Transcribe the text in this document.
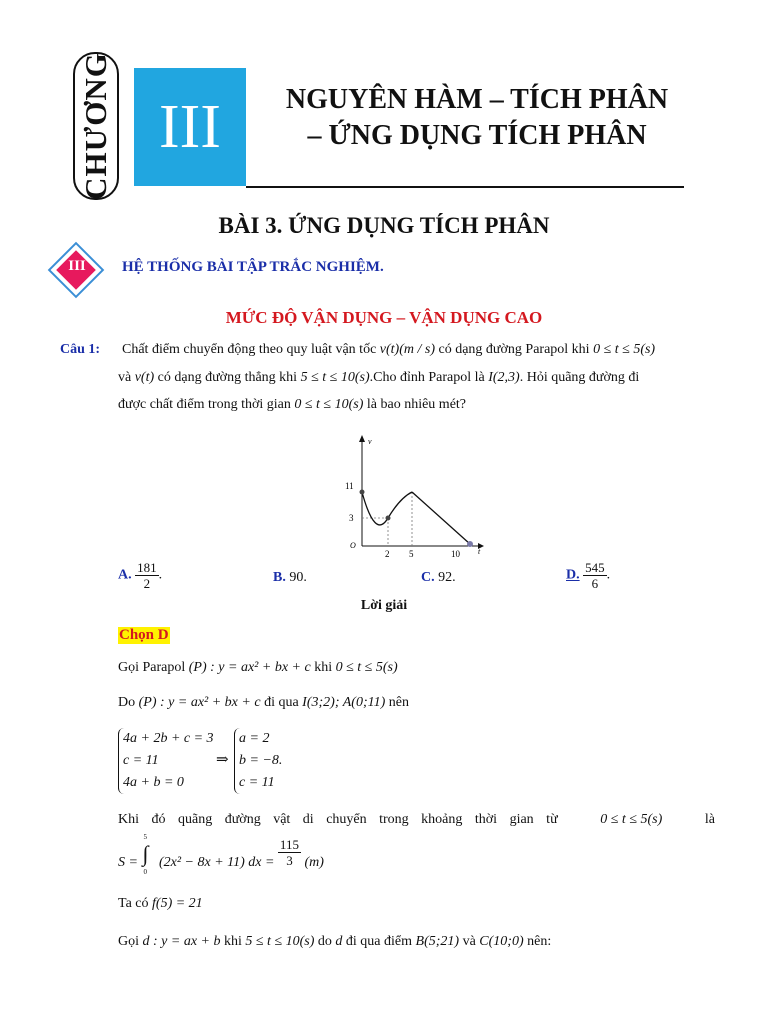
CHƯƠNG III	NGUYÊN HÀM – TÍCH PHÂN
– ỨNG DỤNG TÍCH PHÂN
BÀI 3. ỨNG DỤNG TÍCH PHÂN
III	HỆ THỐNG BÀI TẬP TRẮC NGHIỆM.
MỨC ĐỘ VẬN DỤNG – VẬN DỤNG CAO
Câu 1: Chất điểm chuyển động theo quy luật vận tốc v(t)(m / s) có dạng đường Parapol khi 0 ≤ t ≤ 5(s)
và v(t) có dạng đường thẳng khi 5 ≤ t ≤ 10(s).Cho đỉnh Parapol là I(2,3). Hỏi quãng đường đi
được chất điểm trong thời gian 0 ≤ t ≤ 10(s) là bao nhiêu mét?
v
t
11
3
O
2 5	10
A. $\frac{181}{2}$ .	B. 90.	C. 92.	D. $\frac{545}{6}$ .
Lời giải
Chọn D
Gọi Parapol (P) : y = ax² + bx + c khi 0 ≤ t ≤ 5(s)
Do (P) : y = ax² + bx + c đi qua I(3;2); A(0;11) nên
4a + 2b + c = 3
c = 11
4a + b = 0
⇒
a = 2
b = −8.
c = 11
Khi đó quãng đường vật di chuyển trong khoảng thời gian từ	0 ≤ t ≤ 5(s)	là
S =
5
∫
0
(2x² − 8x + 11) dx = $\frac{115}{3} (m)$
Ta có f(5) = 21
Gọi d : y = ax + b khi 5 ≤ t ≤ 10(s) do d đi qua điểm B(5;21) và C(10;0) nên:
